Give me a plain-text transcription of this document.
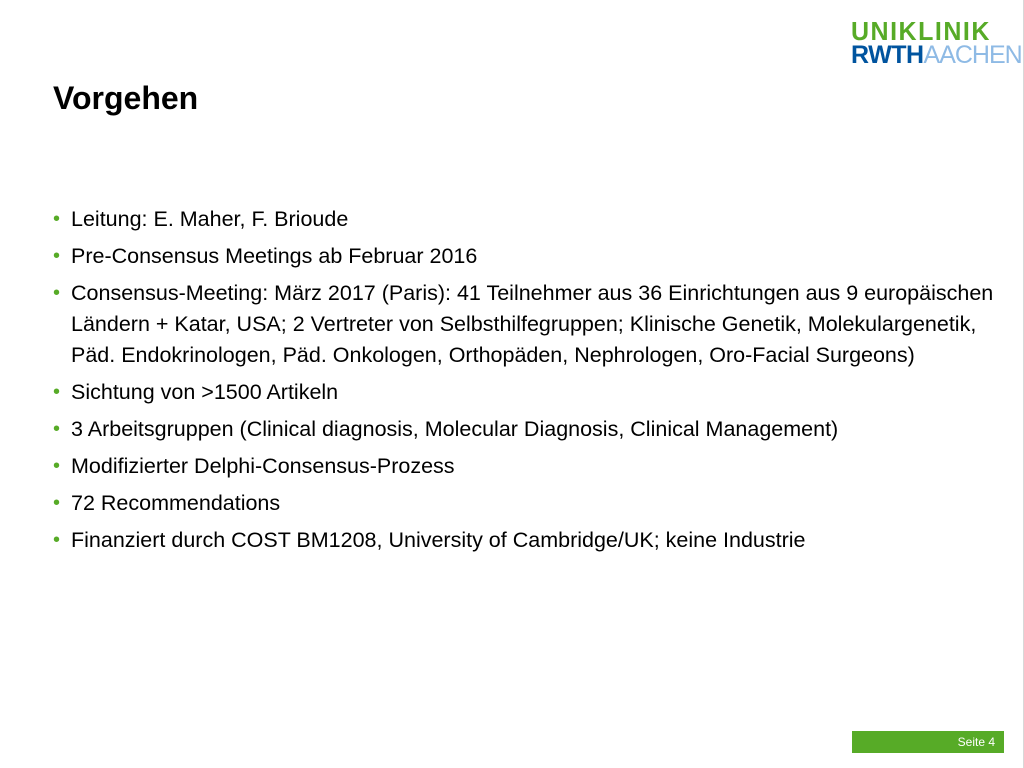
UNIKLINIK
RWTHAACHEN
Vorgehen
• Leitung: E. Maher, F. Brioude
• Pre-Consensus Meetings ab Februar 2016
• Consensus-Meeting: März 2017 (Paris): 41 Teilnehmer aus 36 Einrichtungen aus 9 europäischen Ländern + Katar, USA; 2 Vertreter von Selbsthilfegruppen; Klinische Genetik, Molekulargenetik, Päd. Endokrinologen, Päd. Onkologen, Orthopäden, Nephrologen, Oro-Facial Surgeons)
• Sichtung von >1500 Artikeln
• 3 Arbeitsgruppen (Clinical diagnosis, Molecular Diagnosis, Clinical Management)
• Modifizierter Delphi-Consensus-Prozess
• 72 Recommendations
• Finanziert durch COST BM1208, University of Cambridge/UK; keine Industrie
Seite 4
